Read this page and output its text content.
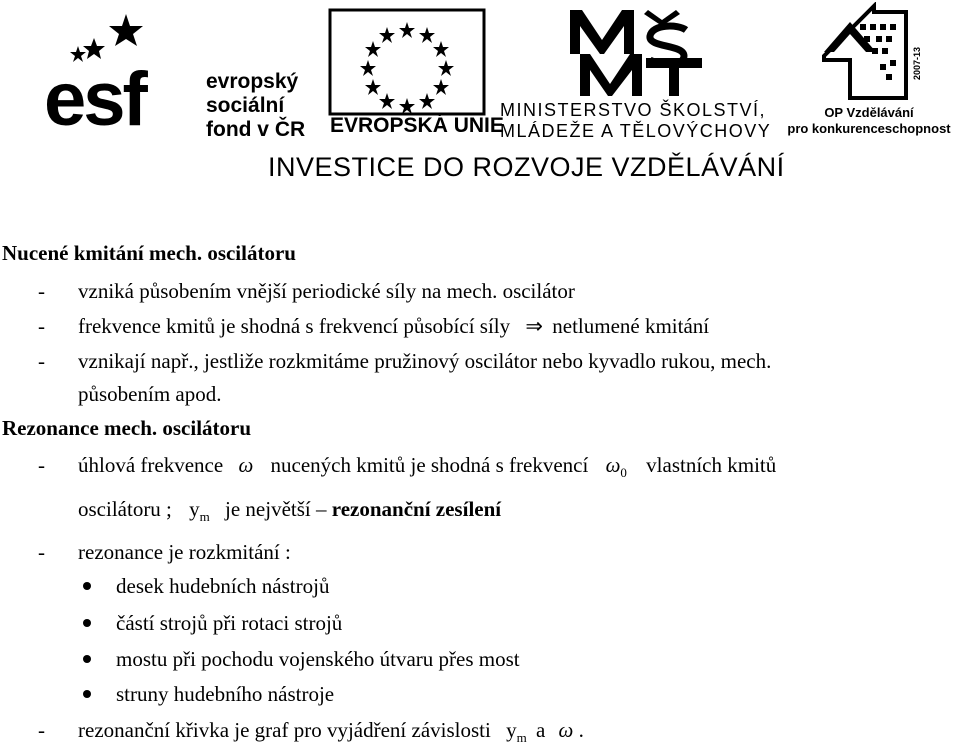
esf	evropský
sociální
fond v ČR EVROPSKÁ UNIE
MINISTERSTVO ŠKOLSTVÍ,
MLÁDEŽE A TĚLOVÝCHOVY
2007-13
OP Vzdělávání
pro konkurenceschopnost
INVESTICE DO ROZVOJE VZDĚLÁVÁNÍ
Nucené kmitání mech. oscilátoru
- vzniká působením vnější periodické síly na mech. oscilátor
- frekvence kmitů je shodná s frekvencí působící síly ⇒ netlumené kmitání
- vznikají např., jestliže rozkmitáme pružinový oscilátor nebo kyvadlo rukou, mech.
působením apod.
Rezonance mech. oscilátoru
- úhlová frekvence ω nucených kmitů je shodná s frekvencí $\omega_0$ vlastních kmitů
oscilátoru ; $y_m$ je největší – rezonanční zesílení
- rezonance je rozkmitání :
desek hudebních nástrojů
částí strojů při rotaci strojů
mostu při pochodu vojenského útvaru přes most
struny hudebního nástroje
- rezonanční křivka je graf pro vyjádření závislosti $y_m$ a ω .
